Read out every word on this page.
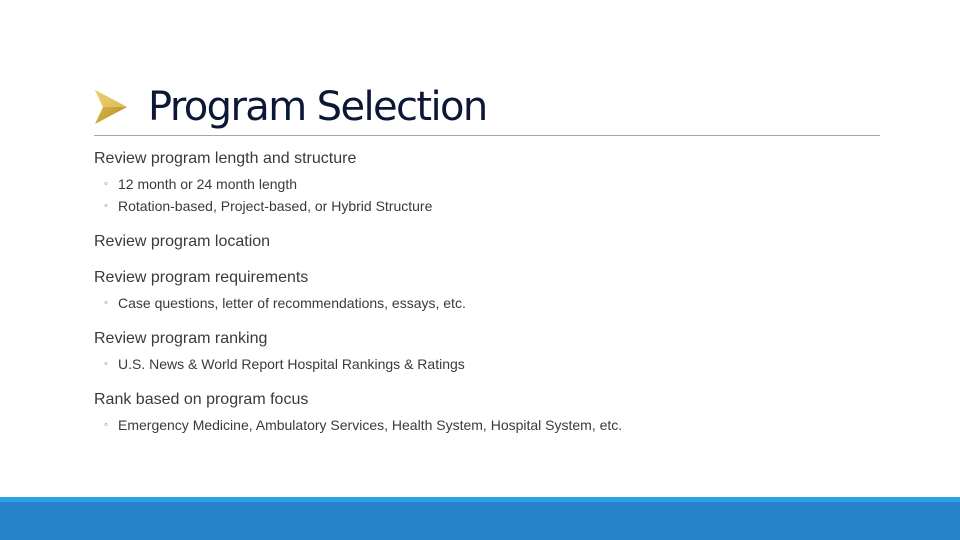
Program Selection
Review program length and structure
◦ 12 month or 24 month length
◦ Rotation-based, Project-based, or Hybrid Structure
Review program location
Review program requirements
◦ Case questions, letter of recommendations, essays, etc.
Review program ranking
◦ U.S. News & World Report Hospital Rankings & Ratings
Rank based on program focus
◦ Emergency Medicine, Ambulatory Services, Health System, Hospital System, etc.
